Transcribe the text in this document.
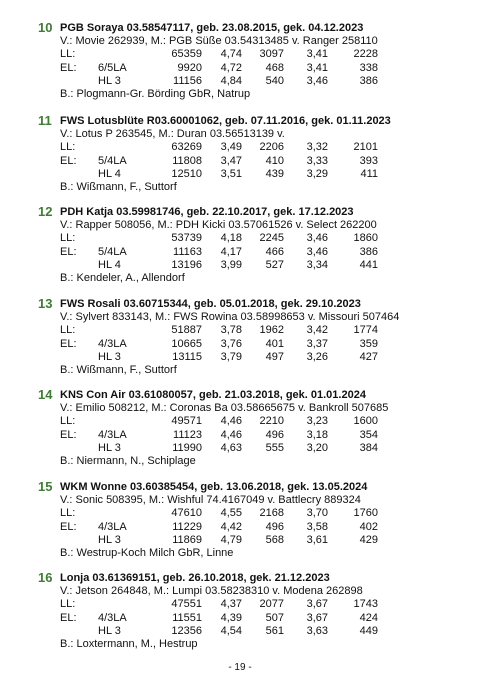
10 PGB Soraya 03.58547117, geb. 23.08.2015, gek. 04.12.2023
V.: Movie 262939, M.: PGB Süße 03.54313485 v. Ranger 258110
LL:	65359	4,74	3097	3,41	2228
EL: 6/5LA	9920	4,72	468	3,41	338
HL 3	11156	4,84	540	3,46	386
B.: Plogmann-Gr. Börding GbR, Natrup
11 FWS Lotusblüte R03.60001062, geb. 07.11.2016, gek. 01.11.2023
V.: Lotus P 263545, M.: Duran 03.56513139 v.
LL:	63269	3,49	2206	3,32	2101
EL: 5/4LA	11808	3,47	410	3,33	393
HL 4	12510	3,51	439	3,29	411
B.: Wißmann, F., Suttorf
12 PDH Katja 03.59981746, geb. 22.10.2017, gek. 17.12.2023
V.: Rapper 508056, M.: PDH Kicki 03.57061526 v. Select 262200
LL:	53739	4,18	2245	3,46	1860
EL: 5/4LA	11163	4,17	466	3,46	386
HL 4	13196	3,99	527	3,34	441
B.: Kendeler, A., Allendorf
13 FWS Rosali 03.60715344, geb. 05.01.2018, gek. 29.10.2023
V.: Sylvert 833143, M.: FWS Rowina 03.58998653 v. Missouri 507464
LL:	51887	3,78	1962	3,42	1774
EL: 4/3LA	10665	3,76	401	3,37	359
HL 3	13115	3,79	497	3,26	427
B.: Wißmann, F., Suttorf
14 KNS Con Air 03.61080057, geb. 21.03.2018, gek. 01.01.2024
V.: Emilio 508212, M.: Coronas Ba 03.58665675 v. Bankroll 507685
LL:	49571	4,46	2210	3,23	1600
EL: 4/3LA	11123	4,46	496	3,18	354
HL 3	11990	4,63	555	3,20	384
B.: Niermann, N., Schiplage
15 WKM Wonne 03.60385454, geb. 13.06.2018, gek. 13.05.2024
V.: Sonic 508395, M.: Wishful 74.4167049 v. Battlecry 889324
LL:	47610	4,55	2168	3,70	1760
EL: 4/3LA	11229	4,42	496	3,58	402
HL 3	11869	4,79	568	3,61	429
B.: Westrup-Koch Milch GbR, Linne
16 Lonja 03.61369151, geb. 26.10.2018, gek. 21.12.2023
V.: Jetson 264848, M.: Lumpi 03.58238310 v. Modena 262898
LL:	47551	4,37	2077	3,67	1743
EL: 4/3LA	11551	4,39	507	3,67	424
HL 3	12356	4,54	561	3,63	449
B.: Loxtermann, M., Hestrup
- 19 -
